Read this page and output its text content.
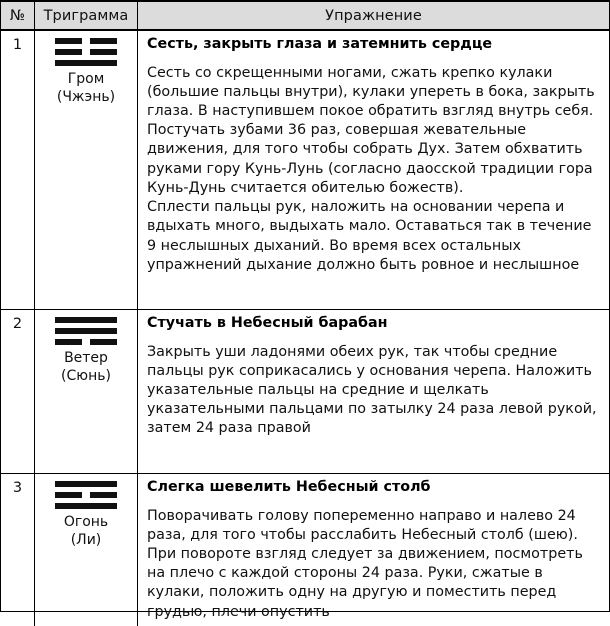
№	Триграмма	Упражнение
1
Гром
(Чжэнь)
Сесть, закрыть глаза и затемнить сердце

Сесть со скрещенными ногами, сжать крепко кулаки (большие пальцы внутри), кулаки упереть в бока, закрыть глаза. В наступившем покое обратить взгляд внутрь себя.

Постучать зубами 36 раз, совершая жевательные движения, для того чтобы собрать Дух. Затем обхватить руками гору Кунь-Лунь (согласно даосской традиции гора Кунь-Дунь считается обителью божеств).

Сплести пальцы рук, наложить на основании черепа и вдыхать много, выдыхать мало. Оставаться так в течение 9 неслышных дыханий. Во время всех остальных упражнений дыхание должно быть ровное и неслышное

2
Ветер
(Сюнь)
Стучать в Небесный барабан

Закрыть уши ладонями обеих рук, так чтобы средние пальцы рук соприкасались у основания черепа. Наложить указательные пальцы на средние и щелкать указательными пальцами по затылку 24 раза левой рукой, затем 24 раза правой

3
Огонь
(Ли)
Слегка шевелить Небесный столб

Поворачивать голову попеременно направо и налево 24 раза, для того чтобы расслабить Небесный столб (шею). При повороте взгляд следует за движением, посмотреть на плечо с каждой стороны 24 раза. Руки, сжатые в кулаки, положить одну на другую и поместить перед грудью, плечи опустить
